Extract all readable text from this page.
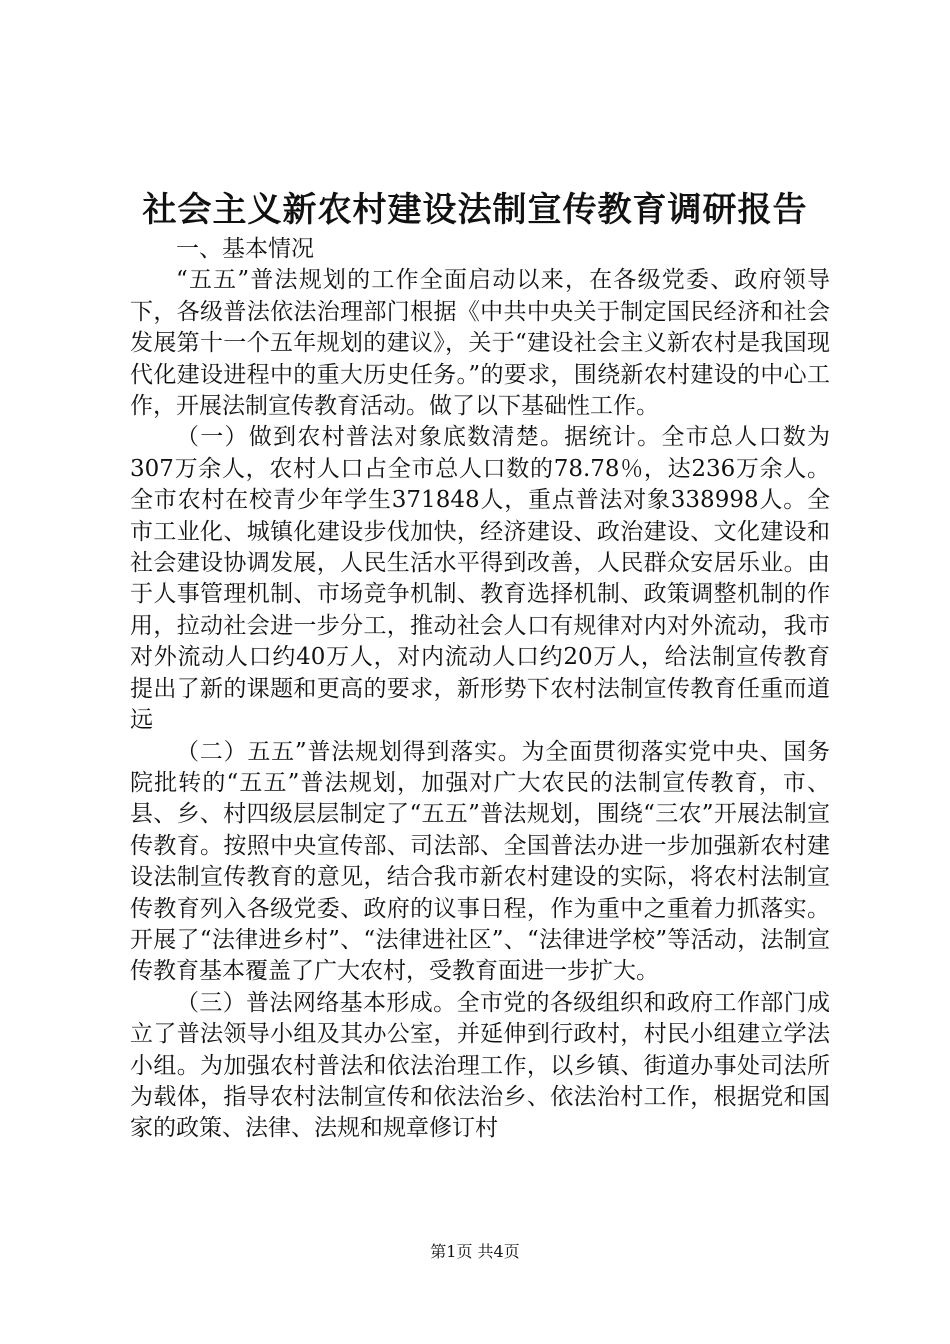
社会主义新农村建设法制宣传教育调研报告

一、基本情况

“五五”普法规划的工作全面启动以来，在各级党委、政府领导下，各级普法依法治理部门根据《中共中央关于制定国民经济和社会发展第十一个五年规划的建议》，关于“建设社会主义新农村是我国现代化建设进程中的重大历史任务。”的要求，围绕新农村建设的中心工作，开展法制宣传教育活动。做了以下基础性工作。

（一）做到农村普法对象底数清楚。据统计。全市总人口数为307万余人，农村人口占全市总人口数的78.78％，达236万余人。全市农村在校青少年学生371848人，重点普法对象338998人。全市工业化、城镇化建设步伐加快，经济建设、政治建设、文化建设和社会建设协调发展，人民生活水平得到改善，人民群众安居乐业。由于人事管理机制、市场竞争机制、教育选择机制、政策调整机制的作用，拉动社会进一步分工，推动社会人口有规律对内对外流动，我市对外流动人口约40万人，对内流动人口约20万人，给法制宣传教育提出了新的课题和更高的要求，新形势下农村法制宣传教育任重而道远

（二）五五”普法规划得到落实。为全面贯彻落实党中央、国务院批转的“五五”普法规划，加强对广大农民的法制宣传教育，市、县、乡、村四级层层制定了“五五”普法规划，围绕“三农”开展法制宣传教育。按照中央宣传部、司法部、全国普法办进一步加强新农村建设法制宣传教育的意见，结合我市新农村建设的实际，将农村法制宣传教育列入各级党委、政府的议事日程，作为重中之重着力抓落实。开展了“法律进乡村”、“法律进社区”、“法律进学校”等活动，法制宣传教育基本覆盖了广大农村，受教育面进一步扩大。

（三）普法网络基本形成。全市党的各级组织和政府工作部门成立了普法领导小组及其办公室，并延伸到行政村，村民小组建立学法小组。为加强农村普法和依法治理工作，以乡镇、街道办事处司法所为载体，指导农村法制宣传和依法治乡、依法治村工作，根据党和国家的政策、法律、法规和规章修订村

第1页 共4页
